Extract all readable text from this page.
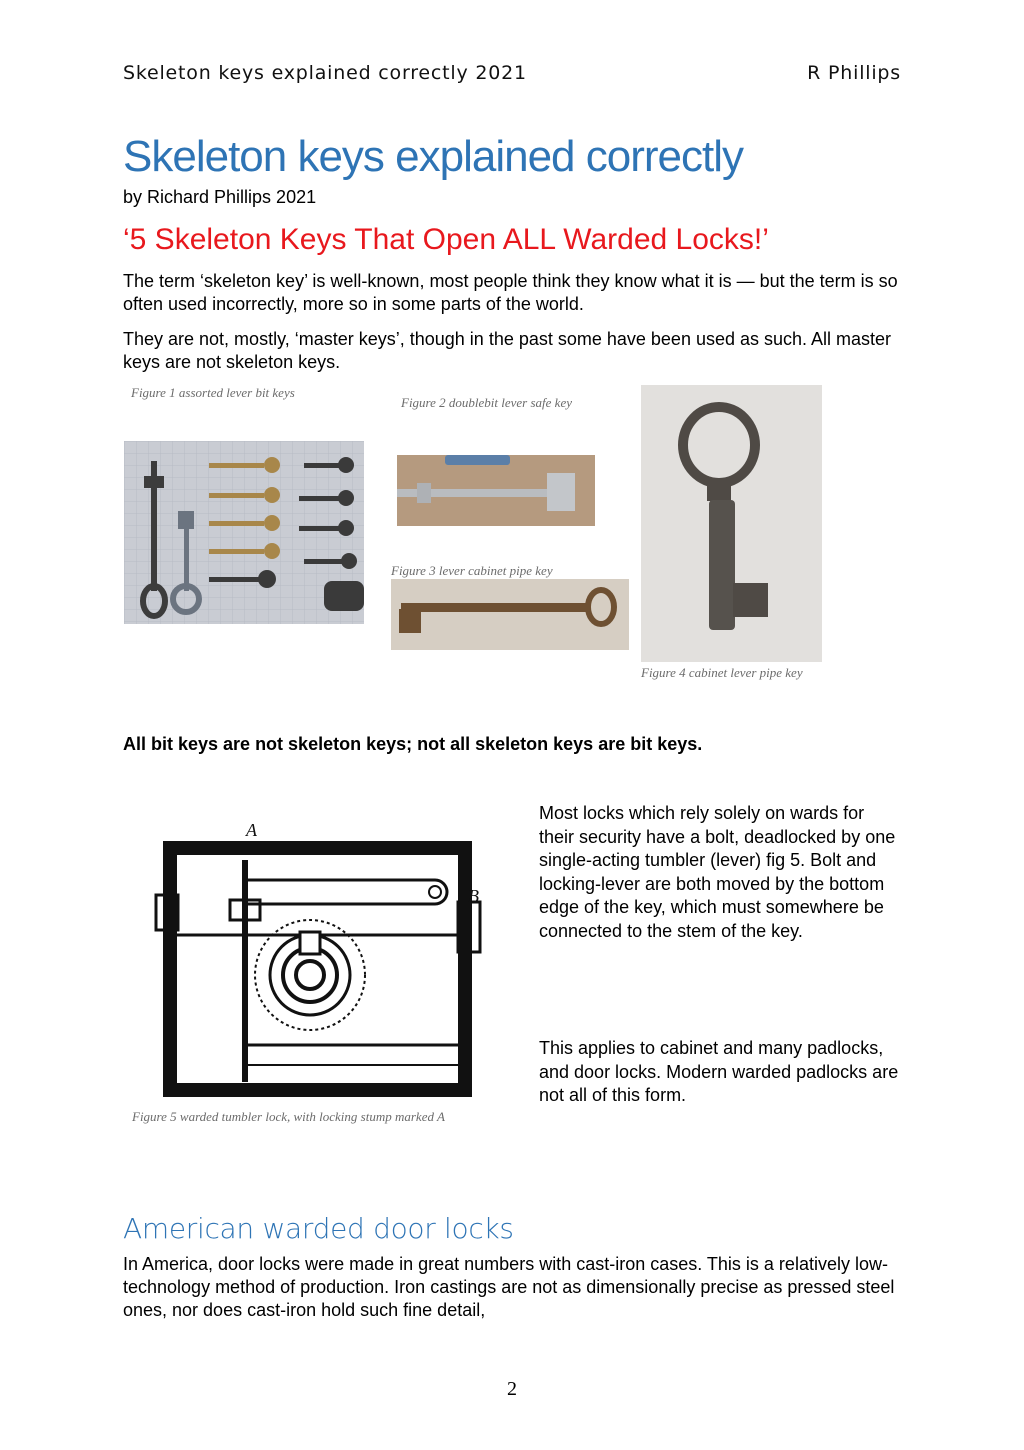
Skeleton keys explained correctly 2021	R Phillips
Skeleton keys explained correctly
by Richard Phillips 2021
‘5 Skeleton Keys That Open ALL Warded Locks!’
The term ‘skeleton key’ is well-known, most people think they know what it is — but the term is so often used incorrectly, more so in some parts of the world.
They are not, mostly, ‘master keys’, though in the past some have been used as such. All master keys are not skeleton keys.
Figure 1 assorted lever bit keys
Figure 2 doublebit lever safe key
Figure 3 lever cabinet pipe key
Figure 4 cabinet lever pipe key
All bit keys are not skeleton keys; not all skeleton keys are bit keys.
A
B
Figure 5 warded tumbler lock, with locking stump marked A
Most locks which rely solely on wards for their security have a bolt, deadlocked by one single-acting tumbler (lever) fig 5. Bolt and locking-lever are both moved by the bottom edge of the key, which must somewhere be connected to the stem of the key.
This applies to cabinet and many padlocks, and door locks. Modern warded padlocks are not all of this form.
American warded door locks
In America, door locks were made in great numbers with cast-iron cases. This is a relatively low-technology method of production. Iron castings are not as dimensionally precise as pressed steel ones, nor does cast-iron hold such fine detail,
2
